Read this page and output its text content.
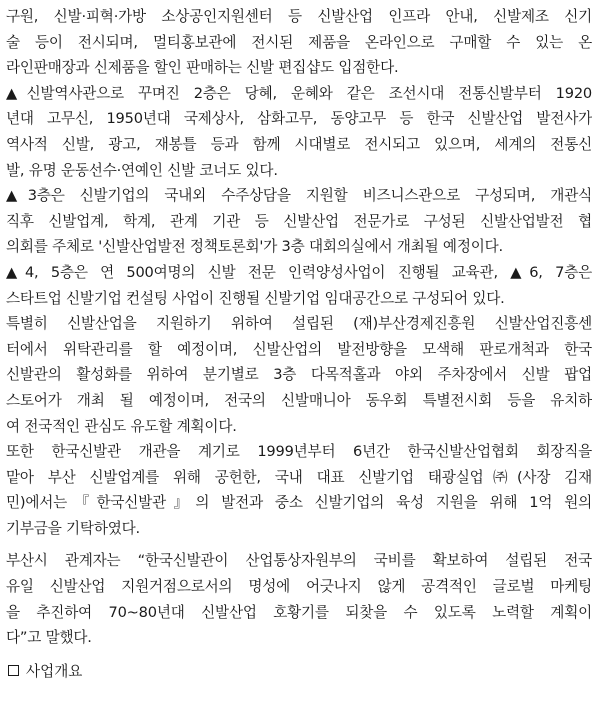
구원, 신발·피혁·가방 소상공인지원센터 등 신발산업 인프라 안내, 신발제조 신기
술 등이 전시되며, 멀티홍보관에 전시된 제품을 온라인으로 구매할 수 있는 온
라인판매장과 신제품을 할인 판매하는 신발 편집샵도 입점한다.
▲신발역사관으로 꾸며진 2층은 당혜, 운혜와 같은 조선시대 전통신발부터 1920
년대 고무신, 1950년대 국제상사, 삼화고무, 동양고무 등 한국 신발산업 발전사가
역사적 신발, 광고, 재봉틀 등과 함께 시대별로 전시되고 있으며, 세계의 전통신
발, 유명 운동선수·연예인 신발 코너도 있다.
▲3층은 신발기업의 국내외 수주상담을 지원할 비즈니스관으로 구성되며, 개관식
직후 신발업계, 학계, 관계 기관 등 신발산업 전문가로 구성된 신발산업발전 협
의회를 주체로 '신발산업발전 정책토론회'가 3층 대회의실에서 개최될 예정이다.
▲4, 5층은 연 500여명의 신발 전문 인력양성사업이 진행될 교육관, ▲6, 7층은
스타트업 신발기업 컨설팅 사업이 진행될 신발기업 임대공간으로 구성되어 있다.
특별히 신발산업을 지원하기 위하여 설립된 (재)부산경제진흥원 신발산업진흥센
터에서 위탁관리를 할 예정이며, 신발산업의 발전방향을 모색해 판로개척과 한국
신발관의 활성화를 위하여 분기별로 3층 다목적홀과 야외 주차장에서 신발 팝업
스토어가 개최 될 예정이며, 전국의 신발매니아 동우회 특별전시회 등을 유치하
여 전국적인 관심도 유도할 계획이다.
또한 한국신발관 개관을 계기로 1999년부터 6년간 한국신발산업협회 회장직을
맡아 부산 신발업계를 위해 공헌한, 국내 대표 신발기업 태광실업㈜(사장 김재
민)에서는『한국신발관』의 발전과 중소 신발기업의 육성 지원을 위해 1억 원의
기부금을 기탁하였다.
부산시 관계자는 “한국신발관이 산업통상자원부의 국비를 확보하여 설립된 전국
유일 신발산업 지원거점으로서의 명성에 어긋나지 않게 공격적인 글로벌 마케팅
을 추진하여 70~80년대 신발산업 호황기를 되찾을 수 있도록 노력할 계획이
다”고 말했다.
사업개요
